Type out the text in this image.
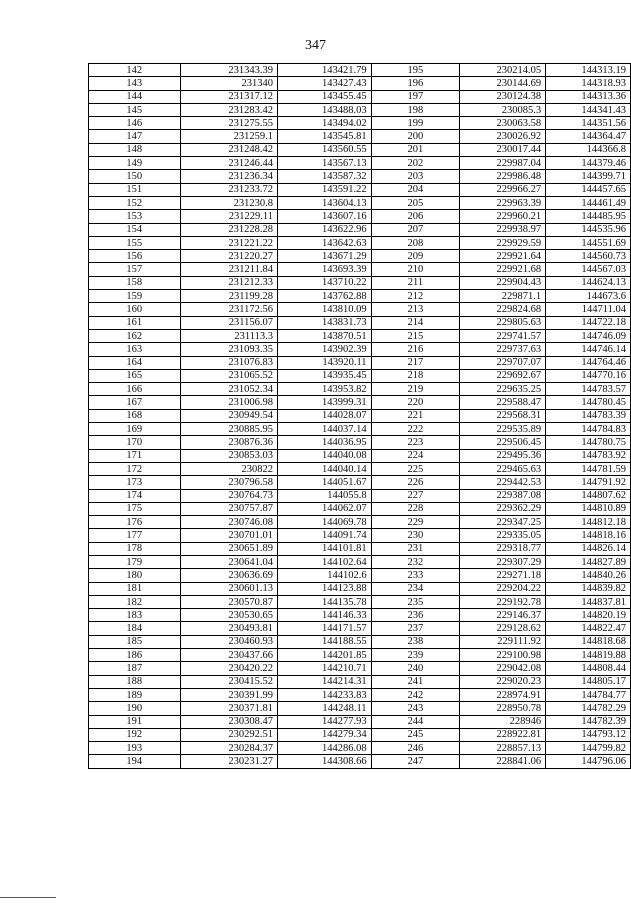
347
142	231343.39	143421.79	195	230214.05	144313.19
143	231340	143427.43	196	230144.69	144318.93
144	231317.12	143455.45	197	230124.38	144313.36
145	231283.42	143488.03	198	230085.3	144341.43
146	231275.55	143494.02	199	230063.58	144351.56
147	231259.1	143545.81	200	230026.92	144364.47
148	231248.42	143560.55	201	230017.44	144366.8
149	231246.44	143567.13	202	229987.04	144379.46
150	231236.34	143587.32	203	229986.48	144399.71
151	231233.72	143591.22	204	229966.27	144457.65
152	231230.8	143604.13	205	229963.39	144461.49
153	231229.11	143607.16	206	229960.21	144485.95
154	231228.28	143622.96	207	229938.97	144535.96
155	231221.22	143642.63	208	229929.59	144551.69
156	231220.27	143671.29	209	229921.64	144560.73
157	231211.84	143693.39	210	229921.68	144567.03
158	231212.33	143710.22	211	229904.43	144624.13
159	231199.28	143762.88	212	229871.1	144673.6
160	231172.56	143810.09	213	229824.68	144711.04
161	231156.07	143831.73	214	229805.63	144722.18
162	231113.3	143870.51	215	229741.57	144746.09
163	231093.35	143902.39	216	229737.63	144746.14
164	231076.83	143920.11	217	229707.07	144764.46
165	231065.52	143935.45	218	229692.67	144770.16
166	231052.34	143953.82	219	229635.25	144783.57
167	231006.98	143999.31	220	229588.47	144780.45
168	230949.54	144028.07	221	229568.31	144783.39
169	230885.95	144037.14	222	229535.89	144784.83
170	230876.36	144036.95	223	229506.45	144780.75
171	230853.03	144040.08	224	229495.36	144783.92
172	230822	144040.14	225	229465.63	144781.59
173	230796.58	144051.67	226	229442.53	144791.92
174	230764.73	144055.8	227	229387.08	144807.62
175	230757.87	144062.07	228	229362.29	144810.89
176	230746.08	144069.78	229	229347.25	144812.18
177	230701.01	144091.74	230	229335.05	144818.16
178	230651.89	144101.81	231	229318.77	144826.14
179	230641.04	144102.64	232	229307.29	144827.89
180	230636.69	144102.6	233	229271.18	144840.26
181	230601.13	144123.88	234	229204.22	144839.82
182	230570.87	144135.78	235	229192.78	144837.81
183	230530.65	144146.33	236	229146.37	144820.19
184	230493.81	144171.57	237	229128.62	144822.47
185	230460.93	144188.55	238	229111.92	144818.68
186	230437.66	144201.85	239	229100.98	144819.88
187	230420.22	144210.71	240	229042.08	144808.44
188	230415.52	144214.31	241	229020.23	144805.17
189	230391.99	144233.83	242	228974.91	144784.77
190	230371.81	144248.11	243	228950.78	144782.29
191	230308.47	144277.93	244	228946	144782.39
192	230292.51	144279.34	245	228922.81	144793.12
193	230284.37	144286.08	246	228857.13	144799.82
194	230231.27	144308.66	247	228841.06	144796.06
